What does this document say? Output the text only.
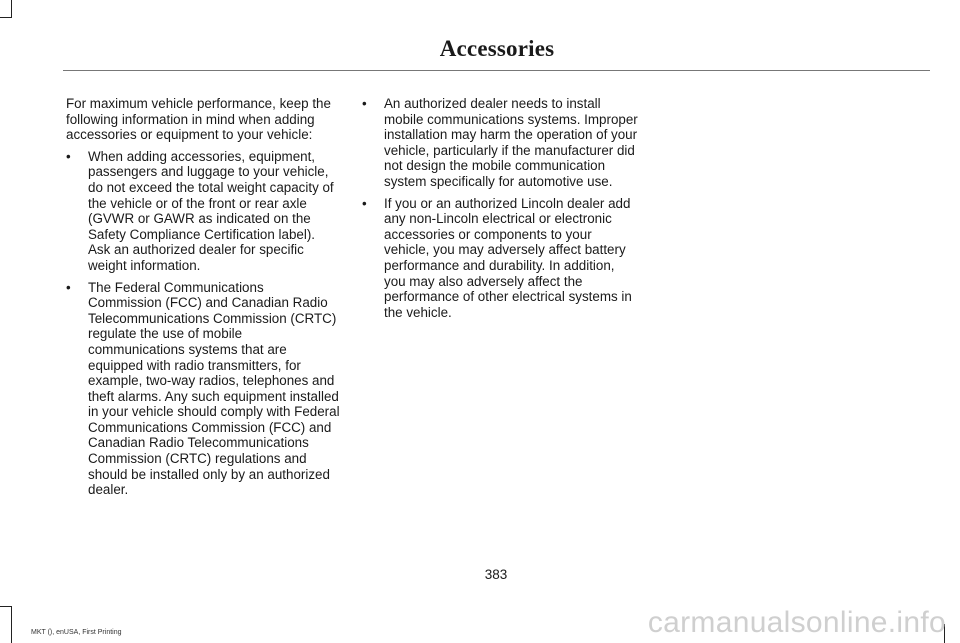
Accessories

For maximum vehicle performance, keep the following information in mind when adding accessories or equipment to your vehicle:

• When adding accessories, equipment, passengers and luggage to your vehicle, do not exceed the total weight capacity of the vehicle or of the front or rear axle (GVWR or GAWR as indicated on the Safety Compliance Certification label). Ask an authorized dealer for specific weight information.
• The Federal Communications Commission (FCC) and Canadian Radio Telecommunications Commission (CRTC) regulate the use of mobile communications systems that are equipped with radio transmitters, for example, two-way radios, telephones and theft alarms. Any such equipment installed in your vehicle should comply with Federal Communications Commission (FCC) and Canadian Radio Telecommunications Commission (CRTC) regulations and should be installed only by an authorized dealer.
• An authorized dealer needs to install mobile communications systems. Improper installation may harm the operation of your vehicle, particularly if the manufacturer did not design the mobile communication system specifically for automotive use.
• If you or an authorized Lincoln dealer add any non-Lincoln electrical or electronic accessories or components to your vehicle, you may adversely affect battery performance and durability. In addition, you may also adversely affect the performance of other electrical systems in the vehicle.
383
MKT (), enUSA, First Printing	carmanualsonline.info
